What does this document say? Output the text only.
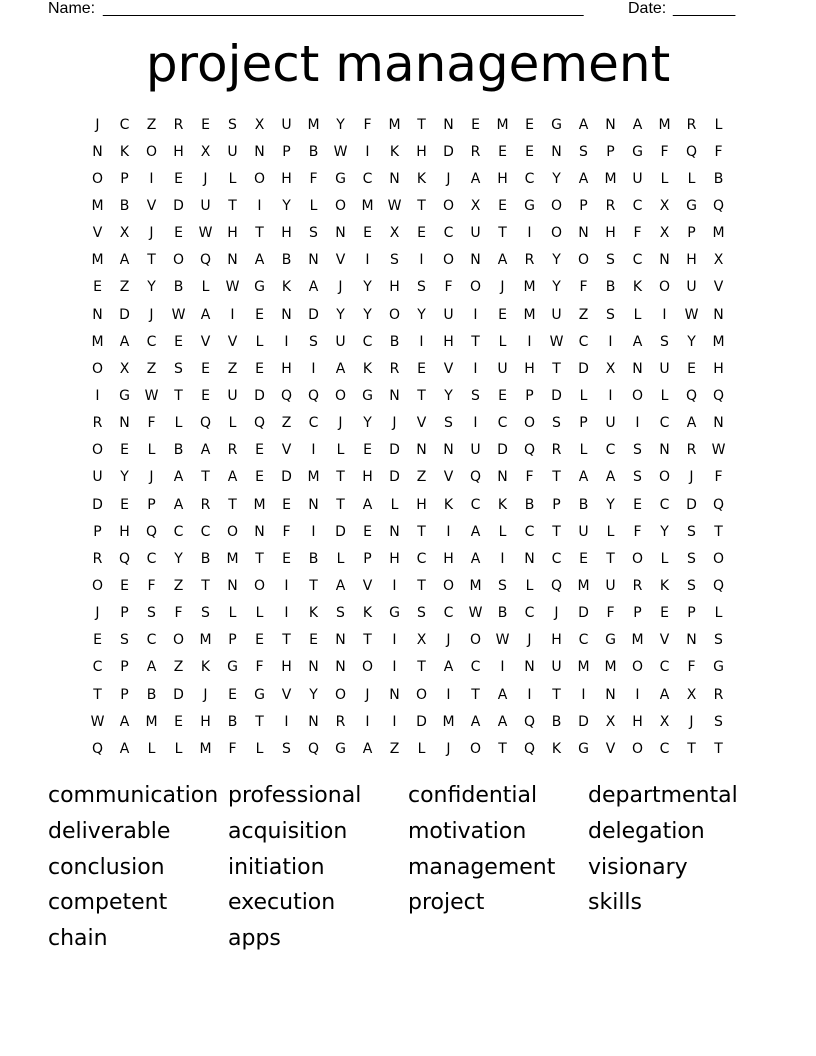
Name: ______________________________________________________	Date: _______
project management
J	C	Z	R	E	S	X	U	M	Y	F	M	T	N	E	M	E	G	A	N	A	M	R	L
N	K	O	H	X	U	N	P	B	W	I	K	H	D	R	E	E	N	S	P	G	F	Q	F
O	P	I	E	J	L	O	H	F	G	C	N	K	J	A	H	C	Y	A	M	U	L	L	B
M	B	V	D	U	T	I	Y	L	O	M	W	T	O	X	E	G	O	P	R	C	X	G	Q
V	X	J	E	W	H	T	H	S	N	E	X	E	C	U	T	I	O	N	H	F	X	P	M
M	A	T	O	Q	N	A	B	N	V	I	S	I	O	N	A	R	Y	O	S	C	N	H	X
E	Z	Y	B	L	W	G	K	A	J	Y	H	S	F	O	J	M	Y	F	B	K	O	U	V
N	D	J	W	A	I	E	N	D	Y	Y	O	Y	U	I	E	M	U	Z	S	L	I	W	N
M	A	C	E	V	V	L	I	S	U	C	B	I	H	T	L	I	W	C	I	A	S	Y	M
O	X	Z	S	E	Z	E	H	I	A	K	R	E	V	I	U	H	T	D	X	N	U	E	H
I	G	W	T	E	U	D	Q	Q	O	G	N	T	Y	S	E	P	D	L	I	O	L	Q	Q
R	N	F	L	Q	L	Q	Z	C	J	Y	J	V	S	I	C	O	S	P	U	I	C	A	N
O	E	L	B	A	R	E	V	I	L	E	D	N	N	U	D	Q	R	L	C	S	N	R	W
U	Y	J	A	T	A	E	D	M	T	H	D	Z	V	Q	N	F	T	A	A	S	O	J	F
D	E	P	A	R	T	M	E	N	T	A	L	H	K	C	K	B	P	B	Y	E	C	D	Q
P	H	Q	C	C	O	N	F	I	D	E	N	T	I	A	L	C	T	U	L	F	Y	S	T
R	Q	C	Y	B	M	T	E	B	L	P	H	C	H	A	I	N	C	E	T	O	L	S	O
O	E	F	Z	T	N	O	I	T	A	V	I	T	O	M	S	L	Q	M	U	R	K	S	Q
J	P	S	F	S	L	L	I	K	S	K	G	S	C	W	B	C	J	D	F	P	E	P	L
E	S	C	O	M	P	E	T	E	N	T	I	X	J	O	W	J	H	C	G	M	V	N	S
C	P	A	Z	K	G	F	H	N	N	O	I	T	A	C	I	N	U	M	M	O	C	F	G
T	P	B	D	J	E	G	V	Y	O	J	N	O	I	T	A	I	T	I	N	I	A	X	R
W	A	M	E	H	B	T	I	N	R	I	I	D	M	A	A	Q	B	D	X	H	X	J	S
Q	A	L	L	M	F	L	S	Q	G	A	Z	L	J	O	T	Q	K	G	V	O	C	T	T
communication professional	confidential	departmental
deliverable	acquisition	motivation	delegation
conclusion	initiation	management	visionary
competent	execution	project	skills
chain	apps
